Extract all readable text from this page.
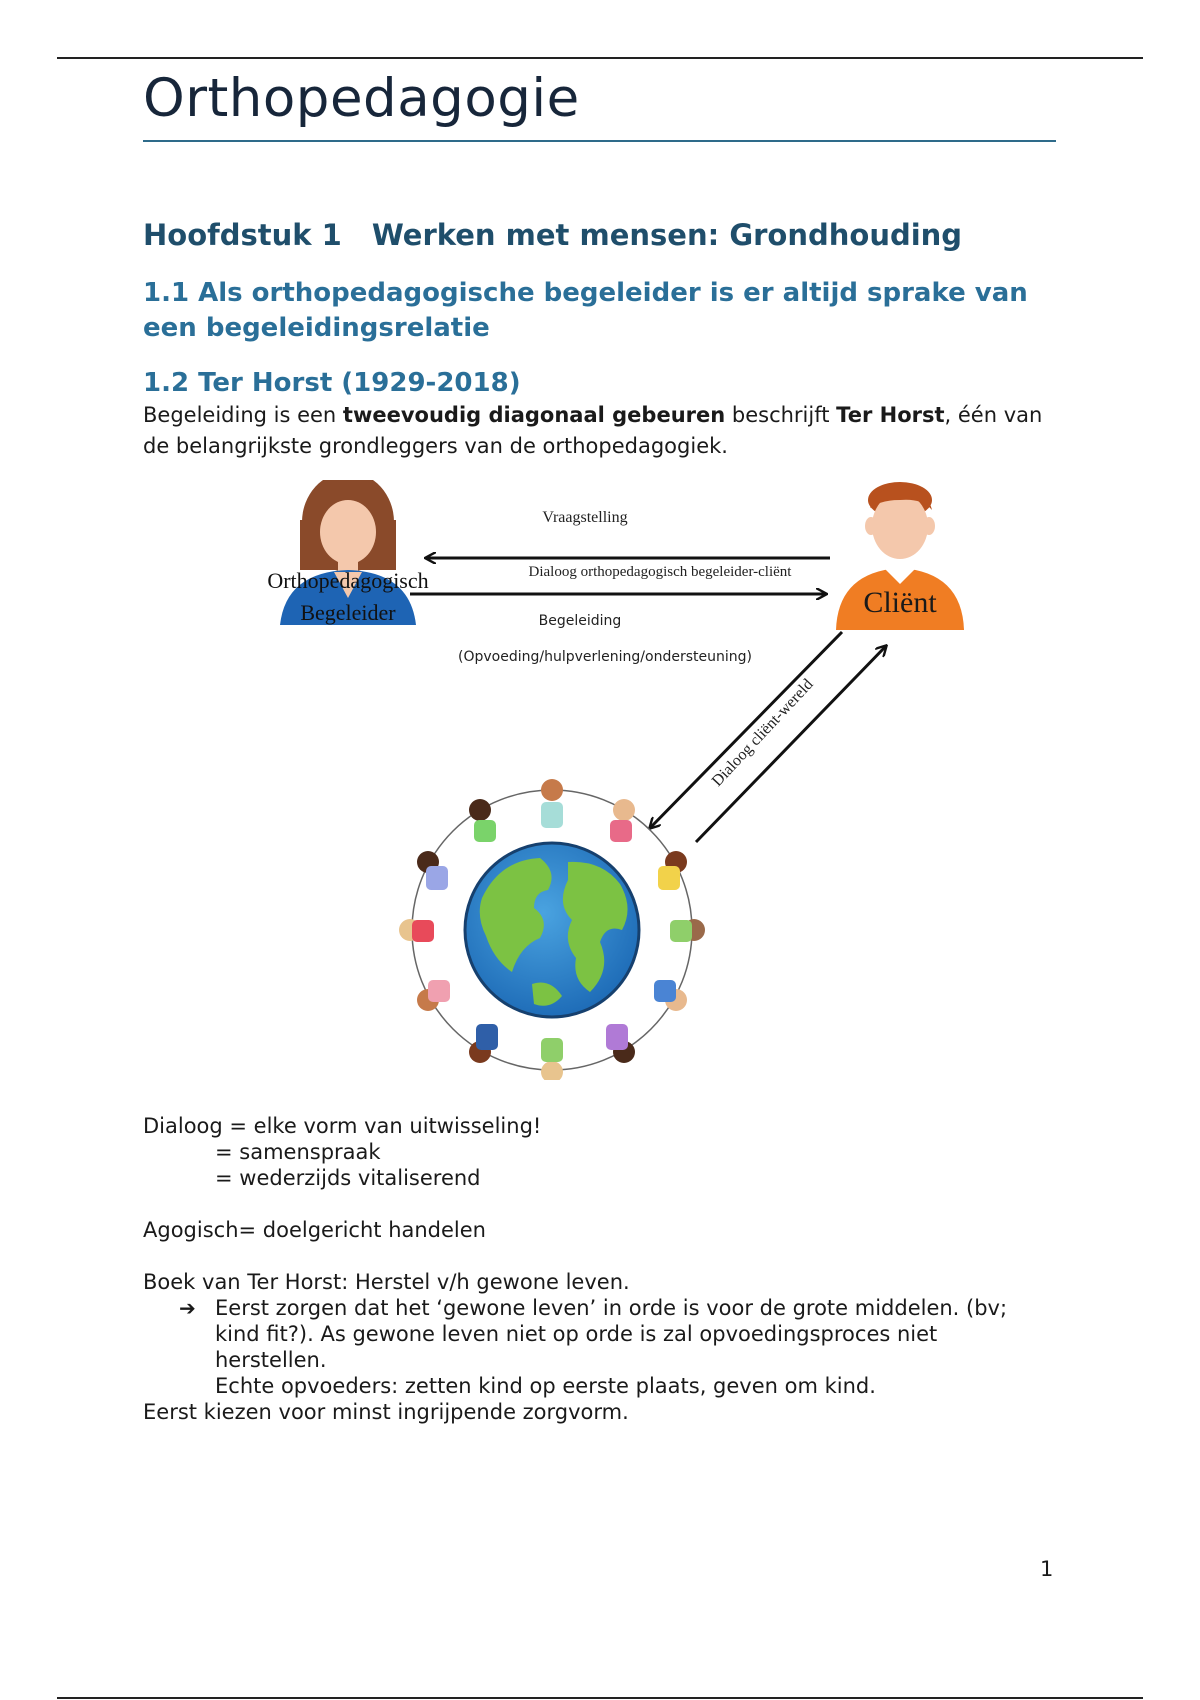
Orthopedagogie
Hoofdstuk 1 Werken met mensen: Grondhouding
1.1 Als orthopedagogische begeleider is er altijd sprake van een begeleidingsrelatie
1.2 Ter Horst (1929-2018)

Begeleiding is een tweevoudig diagonaal gebeuren beschrijft Ter Horst, één van de belangrijkste grondleggers van de orthopedagogiek.

Orthopedagogisch
Begeleider	Cliënt
Vraagstelling
Dialoog orthopedagogisch begeleider-cliënt
Begeleiding
(Opvoeding/hulpverlening/ondersteuning)
Dialoog cliënt-wereld
Dialoog = elke vorm van uitwisseling!
= samenspraak
= wederzijds vitaliserend
Agogisch= doelgericht handelen
Boek van Ter Horst: Herstel v/h gewone leven.
➔ Eerst zorgen dat het ‘gewone leven’ in orde is voor de grote middelen. (bv;
kind fit?). As gewone leven niet op orde is zal opvoedingsproces niet
herstellen.
Echte opvoeders: zetten kind op eerste plaats, geven om kind.
Eerst kiezen voor minst ingrijpende zorgvorm.
1
